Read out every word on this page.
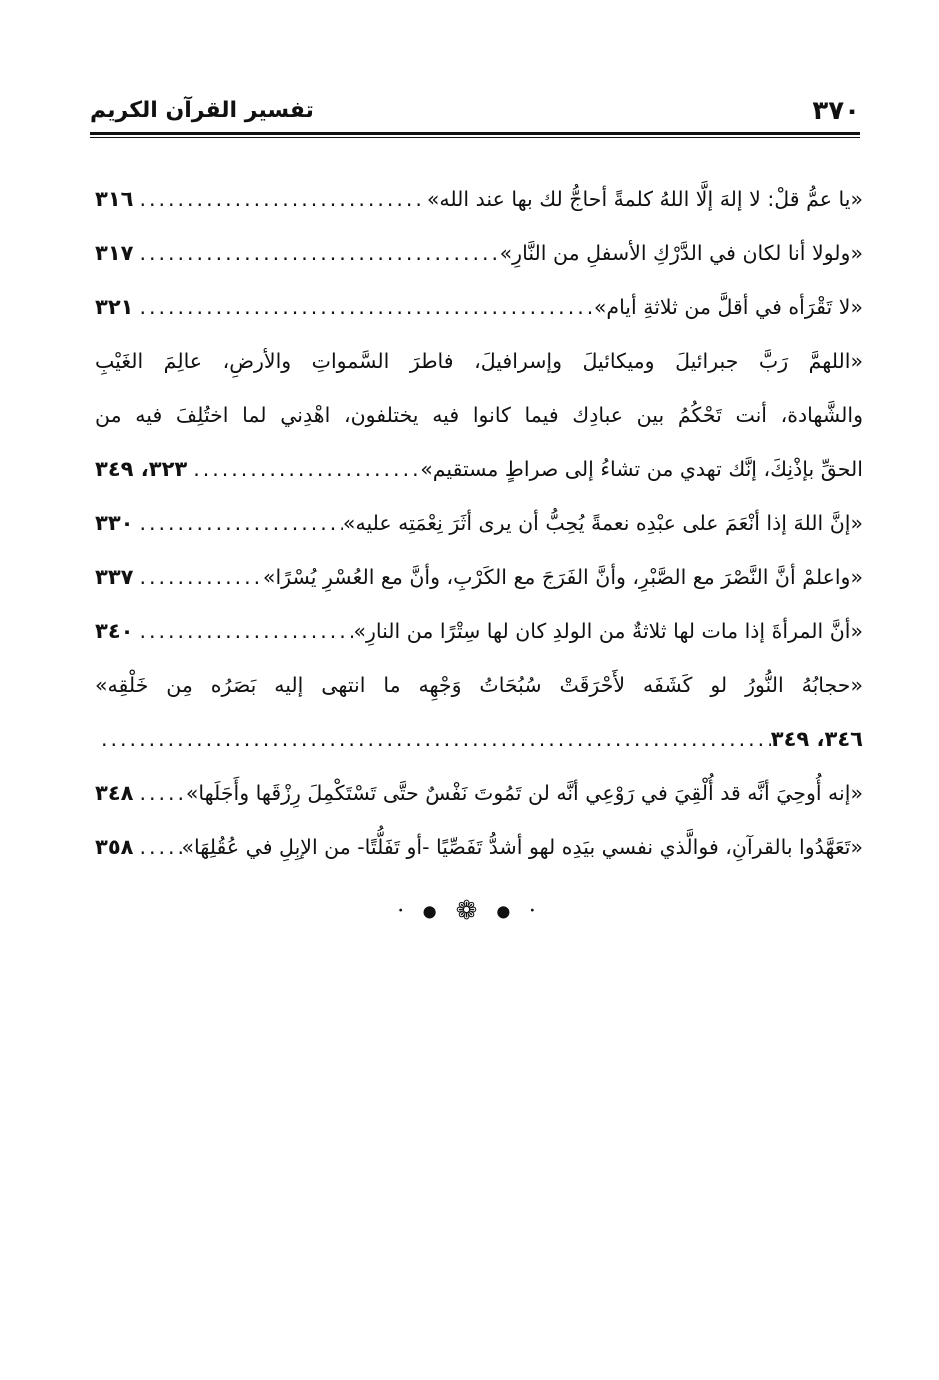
٣٧٠
تفسير القرآن الكريم
«يا عمُّ قلْ: لا إلهَ إلَّا اللهُ كلمةً أحاجُّ لك بها عند الله»
.....
٣١٦
«ولولا أنا لكان في الدَّرْكِ الأسفلِ من النَّارِ»
.....
٣١٧
«لا تَقْرَأه في أقلَّ من ثلاثةِ أيام»
.....
٣٢١
«اللهمَّ رَبَّ جبرائيلَ وميكائيلَ وإسرافيلَ، فاطرَ السَّمواتِ والأرضِ، عالِمَ الغَيْبِ
والشَّهادة، أنت تَحْكُمُ بين عبادِك فيما كانوا فيه يختلفون، اهْدِني لما اختُلِفَ فيه من
الحقِّ بإذْنِكَ، إنَّك تهدي من تشاءُ إلى صراطٍ مستقيم»
.....
٣٢٣، ٣٤٩
«إنَّ اللهَ إذا أنْعَمَ على عبْدِه نعمةً يُحِبُّ أن يرى أثَرَ نِعْمَتِه عليه»
.....
٣٣٠
«واعلمْ أنَّ النَّصْرَ مع الصَّبْرِ، وأنَّ الفَرَجَ مع الكَرْبِ، وأنَّ مع العُسْرِ يُسْرًا»
.....
٣٣٧
«أنَّ المرأةَ إذا مات لها ثلاثةٌ من الولدِ كان لها سِتْرًا من النارِ»
.....
٣٤٠
«حجابُهُ النُّورُ لو كَشَفَه لأَحْرَقَتْ سُبُحَاتُ وَجْهِه ما انتهى إليه بَصَرُه مِن خَلْقِه»
٣٤٦، ٣٤٩
.....
«إنه أُوحِيَ أنَّه قد أُلْقِيَ في رَوْعِي أنَّه لن تَمُوتَ نَفْسٌ حتَّى تَسْتَكْمِلَ رِزْقَها وأَجَلَها»
.....
٣٤٨
«تَعَهَّدُوا بالقرآنِ، فوالَّذي نفسي بيَدِه لهو أشدُّ تَفَصِّيًا -أو تَفَلُّتًا- من الإبِلِ في عُقُلِهَا»
.....
٣٥٨
• ● ❁ ● •
